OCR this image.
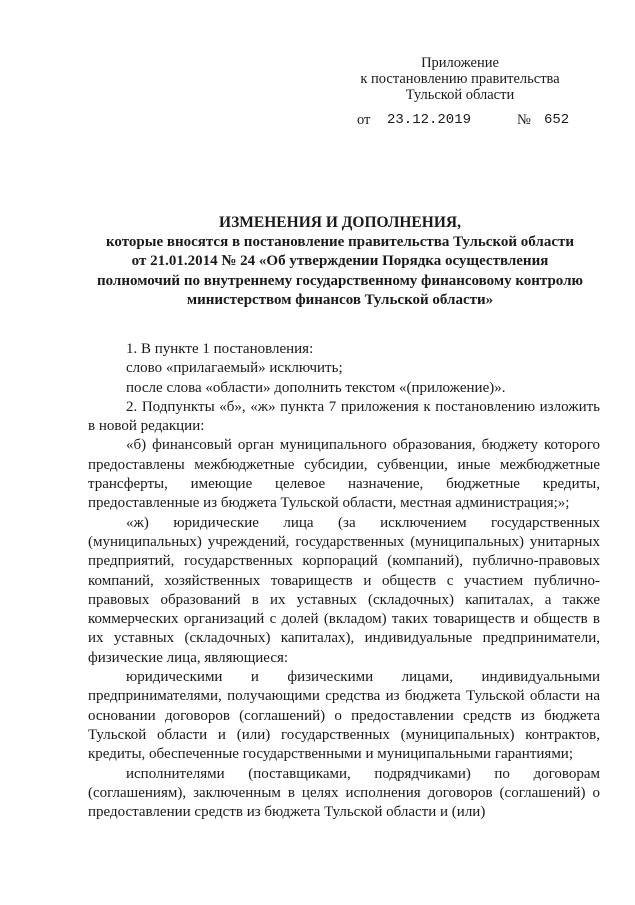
Приложение
к постановлению правительства
Тульской области
от 23.12.2019	№ 652
ИЗМЕНЕНИЯ И ДОПОЛНЕНИЯ,
которые вносятся в постановление правительства Тульской области
от 21.01.2014 № 24 «Об утверждении Порядка осуществления
полномочий по внутреннему государственному финансовому контролю
министерством финансов Тульской области»

1. В пункте 1 постановления:

слово «прилагаемый» исключить;

после слова «области» дополнить текстом «(приложение)».

2. Подпункты «б», «ж» пункта 7 приложения к постановлению изложить в новой редакции:

«б) финансовый орган муниципального образования, бюджету которого предоставлены межбюджетные субсидии, субвенции, иные межбюджетные трансферты, имеющие целевое назначение, бюджетные кредиты, предоставленные из бюджета Тульской области, местная администрация;»;

«ж) юридические лица (за исключением государственных (муниципальных) учреждений, государственных (муниципальных) унитарных предприятий, государственных корпораций (компаний), публично-правовых компаний, хозяйственных товариществ и обществ с участием публично-правовых образований в их уставных (складочных) капиталах, а также коммерческих организаций с долей (вкладом) таких товариществ и обществ в их уставных (складочных) капиталах), индивидуальные предприниматели, физические лица, являющиеся:

юридическими и физическими лицами, индивидуальными предпринимателями, получающими средства из бюджета Тульской области на основании договоров (соглашений) о предоставлении средств из бюджета Тульской области и (или) государственных (муниципальных) контрактов, кредиты, обеспеченные государственными и муниципальными гарантиями;

исполнителями (поставщиками, подрядчиками) по договорам (соглашениям), заключенным в целях исполнения договоров (соглашений) о предоставлении средств из бюджета Тульской области и (или)
